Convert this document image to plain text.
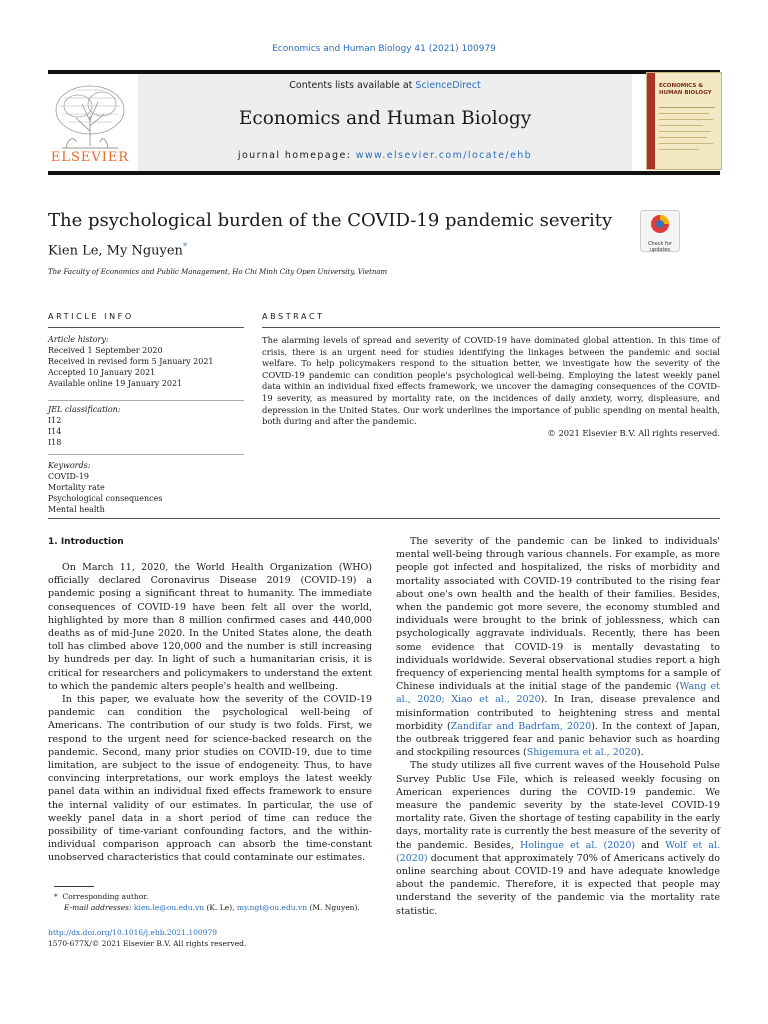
Economics and Human Biology 41 (2021) 100979
ELSEVIER
Contents lists available at ScienceDirect
Economics and Human Biology
journal homepage: www.elsevier.com/locate/ehb
ECONOMICS & HUMAN BIOLOGY
The psychological burden of the COVID-19 pandemic severity
Check for updates
Kien Le, My Nguyen*
The Faculty of Economics and Public Management, Ho Chi Minh City Open University, Vietnam
ARTICLE INFO	ABSTRACT
Article history:
Received 1 September 2020
Received in revised form 5 January 2021
Accepted 10 January 2021
Available online 19 January 2021
JEL classification:
I12
I14
I18
Keywords:
COVID-19
Mortality rate
Psychological consequences
Mental health
The alarming levels of spread and severity of COVID-19 have dominated global attention. In this time of crisis, there is an urgent need for studies identifying the linkages between the pandemic and social welfare. To help policymakers respond to the situation better, we investigate how the severity of the COVID-19 pandemic can condition people's psychological well-being. Employing the latest weekly panel data within an individual fixed effects framework, we uncover the damaging consequences of the COVID-19 severity, as measured by mortality rate, on the incidences of daily anxiety, worry, displeasure, and depression in the United States. Our work underlines the importance of public spending on mental health, both during and after the pandemic.
© 2021 Elsevier B.V. All rights reserved.
1. Introduction

On March 11, 2020, the World Health Organization (WHO) officially declared Coronavirus Disease 2019 (COVID-19) a pandemic posing a significant threat to humanity. The immediate consequences of COVID-19 have been felt all over the world, highlighted by more than 8 million confirmed cases and 440,000 deaths as of mid-June 2020. In the United States alone, the death toll has climbed above 120,000 and the number is still increasing by hundreds per day. In light of such a humanitarian crisis, it is critical for researchers and policymakers to understand the extent to which the pandemic alters people's health and wellbeing.

In this paper, we evaluate how the severity of the COVID-19 pandemic can condition the psychological well-being of Americans. The contribution of our study is two folds. First, we respond to the urgent need for science-backed research on the pandemic. Second, many prior studies on COVID-19, due to time limitation, are subject to the issue of endogeneity. Thus, to have convincing interpretations, our work employs the latest weekly panel data within an individual fixed effects framework to ensure the internal validity of our estimates. In particular, the use of weekly panel data in a short period of time can reduce the possibility of time-variant confounding factors, and the within-individual comparison approach can absorb the time-constant unobserved characteristics that could contaminate our estimates.

The severity of the pandemic can be linked to individuals' mental well-being through various channels. For example, as more people got infected and hospitalized, the risks of morbidity and mortality associated with COVID-19 contributed to the rising fear about one's own health and the health of their families. Besides, when the pandemic got more severe, the economy stumbled and individuals were brought to the brink of joblessness, which can psychologically aggravate individuals. Recently, there has been some evidence that COVID-19 is mentally devastating to individuals worldwide. Several observational studies report a high frequency of experiencing mental health symptoms for a sample of Chinese individuals at the initial stage of the pandemic (Wang et al., 2020; Xiao et al., 2020). In Iran, disease prevalence and misinformation contributed to heightening stress and mental morbidity (Zandifar and Badrfam, 2020). In the context of Japan, the outbreak triggered fear and panic behavior such as hoarding and stockpiling resources (Shigemura et al., 2020).

The study utilizes all five current waves of the Household Pulse Survey Public Use File, which is released weekly focusing on American experiences during the COVID-19 pandemic. We measure the pandemic severity by the state-level COVID-19 mortality rate. Given the shortage of testing capability in the early days, mortality rate is currently the best measure of the severity of the pandemic. Besides, Holingue et al. (2020) and Wolf et al. (2020) document that approximately 70% of Americans actively do online searching about COVID-19 and have adequate knowledge about the pandemic. Therefore, it is expected that people may understand the severity of the pandemic via the mortality rate statistic.

*  Corresponding author.
E-mail addresses: kien.le@ou.edu.vn (K. Le), my.ngt@ou.edu.vn (M. Nguyen).
http://dx.doi.org/10.1016/j.ehb.2021.100979
1570-677X/© 2021 Elsevier B.V. All rights reserved.
